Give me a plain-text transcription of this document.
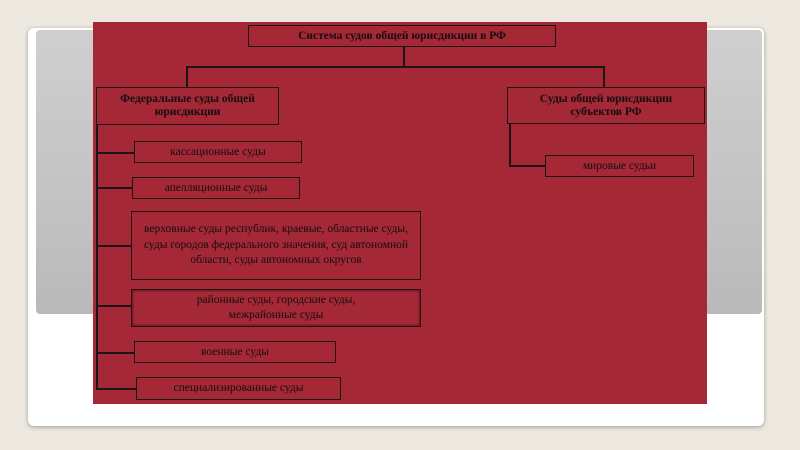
Система судов общей юрисдикции в РФ
Федеральные суды общей юрисдикции
Суды общей юрисдикции субъектов РФ
кассационные суды
апелляционные суды
верховные суды республик, краевые, областные суды, суды городов федерального значения, суд автономной области, суды автономных округов
районные суды, городские суды, межрайонные суды
военные суды
специализированные суды
мировые судьи
